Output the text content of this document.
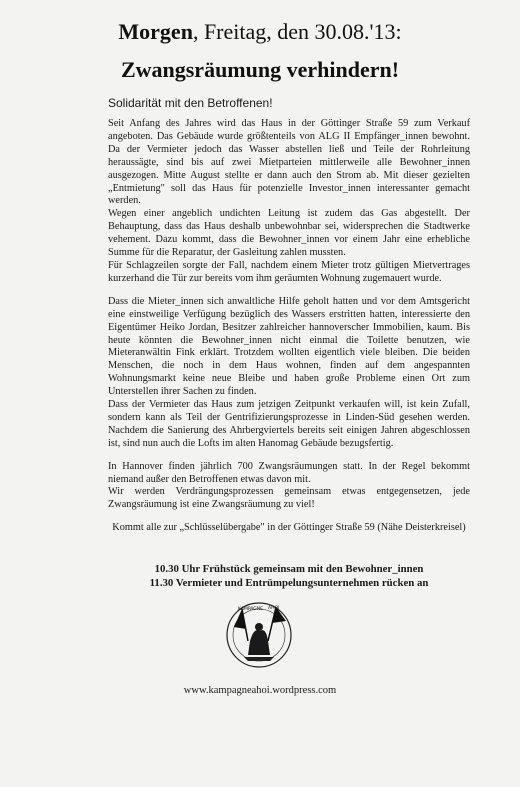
Morgen, Freitag, den 30.08.'13:
Zwangsräumung verhindern!
Solidarität mit den Betroffenen!

Seit Anfang des Jahres wird das Haus in der Göttinger Straße 59 zum Verkauf angeboten. Das Gebäude wurde größtenteils von ALG II Empfänger_innen bewohnt. Da der Vermieter jedoch das Wasser abstellen ließ und Teile der Rohrleitung heraussägte, sind bis auf zwei Mietparteien mittlerweile alle Bewohner_innen ausgezogen. Mitte August stellte er dann auch den Strom ab. Mit dieser gezielten „Entmietung" soll das Haus für potenzielle Investor_innen interessanter gemacht werden.

Wegen einer angeblich undichten Leitung ist zudem das Gas abgestellt. Der Behauptung, dass das Haus deshalb unbewohnbar sei, widersprechen die Stadtwerke vehement. Dazu kommt, dass die Bewohner_innen vor einem Jahr eine erhebliche Summe für die Reparatur, der Gasleitung zahlen mussten.

Für Schlagzeilen sorgte der Fall, nachdem einem Mieter trotz gültigen Mietvertrages kurzerhand die Tür zur bereits vom ihm geräumten Wohnung zugemauert wurde.

Dass die Mieter_innen sich anwaltliche Hilfe geholt hatten und vor dem Amtsgericht eine einstweilige Verfügung bezüglich des Wassers erstritten hatten, interessierte den Eigentümer Heiko Jordan, Besitzer zahlreicher hannoverscher Immobilien, kaum. Bis heute könnten die Bewohner_innen nicht einmal die Toilette benutzen, wie Mieteranwältin Fink erklärt. Trotzdem wollten eigentlich viele bleiben. Die beiden Menschen, die noch in dem Haus wohnen, finden auf dem angespannten Wohnungsmarkt keine neue Bleibe und haben große Probleme einen Ort zum Unterstellen ihrer Sachen zu finden.

Dass der Vermieter das Haus zum jetzigen Zeitpunkt verkaufen will, ist kein Zufall, sondern kann als Teil der Gentrifizierungsprozesse in Linden-Süd gesehen werden. Nachdem die Sanierung des Ahrbergviertels bereits seit einigen Jahren abgeschlossen ist, sind nun auch die Lofts im alten Hanomag Gebäude bezugsfertig.

In Hannover finden jährlich 700 Zwangsräumungen statt. In der Regel bekommt niemand außer den Betroffenen etwas davon mit.

Wir werden Verdrängungsprozessen gemeinsam etwas entgegensetzen, jede Zwangsräumung ist eine Zwangsräumung zu viel!

Kommt alle zur „Schlüsselübergabe" in der Göttinger Straße 59 (Nähe Deisterkreisel)

10.30 Uhr Frühstück gemeinsam mit den Bewohner_innen
11.30 Vermieter und Entrümpelungsunternehmen rücken an
KAMPAGNE AHOI
www.kampagneahoi.wordpress.com
